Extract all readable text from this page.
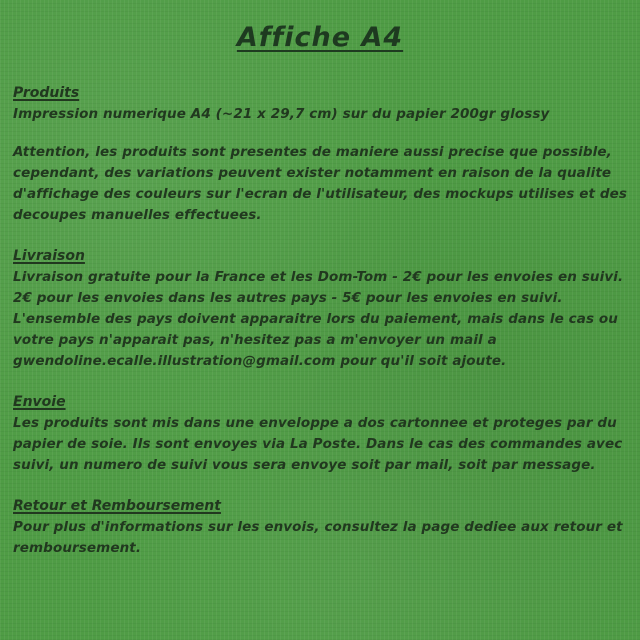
Affiche A4
Produits

Impression numerique A4 (~21 x 29,7 cm) sur du papier 200gr glossy

Attention, les produits sont presentes de maniere aussi precise que possible, cependant, des variations peuvent exister notamment en raison de la qualite d'affichage des couleurs sur l'ecran de l'utilisateur, des mockups utilises et des decoupes manuelles effectuees.

Livraison

Livraison gratuite pour la France et les Dom-Tom - 2€ pour les envoies en suivi.

2€ pour les envoies dans les autres pays - 5€ pour les envoies en suivi. L'ensemble des pays doivent apparaitre lors du paiement, mais dans le cas ou votre pays n'apparait pas, n'hesitez pas a m'envoyer un mail a gwendoline.ecalle.illustration@gmail.com pour qu'il soit ajoute.

Envoie

Les produits sont mis dans une enveloppe a dos cartonnee et proteges par du papier de soie. Ils sont envoyes via La Poste. Dans le cas des commandes avec suivi, un numero de suivi vous sera envoye soit par mail, soit par message.

Retour et Remboursement

Pour plus d'informations sur les envois, consultez la page dediee aux retour et remboursement.
